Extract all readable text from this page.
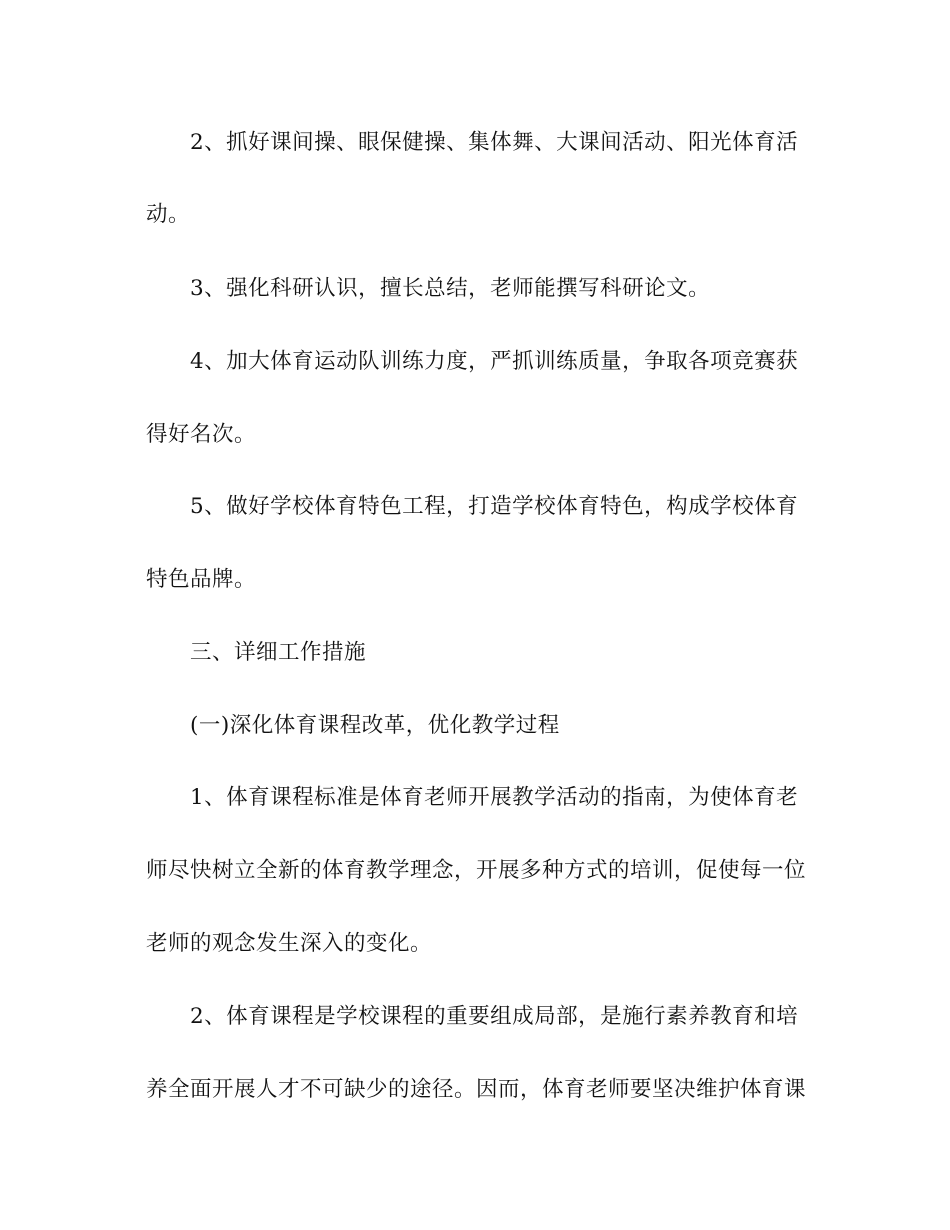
2、抓好课间操、眼保健操、集体舞、大课间活动、阳光体育活
动。
3、强化科研认识，擅长总结，老师能撰写科研论文。
4、加大体育运动队训练力度，严抓训练质量，争取各项竞赛获
得好名次。
5、做好学校体育特色工程，打造学校体育特色，构成学校体育
特色品牌。
三、详细工作措施
(一)深化体育课程改革，优化教学过程
1、体育课程标准是体育老师开展教学活动的指南，为使体育老
师尽快树立全新的体育教学理念，开展多种方式的培训，促使每一位
老师的观念发生深入的变化。
2、体育课程是学校课程的重要组成局部，是施行素养教育和培
养全面开展人才不可缺少的途径。因而，体育老师要坚决维护体育课
